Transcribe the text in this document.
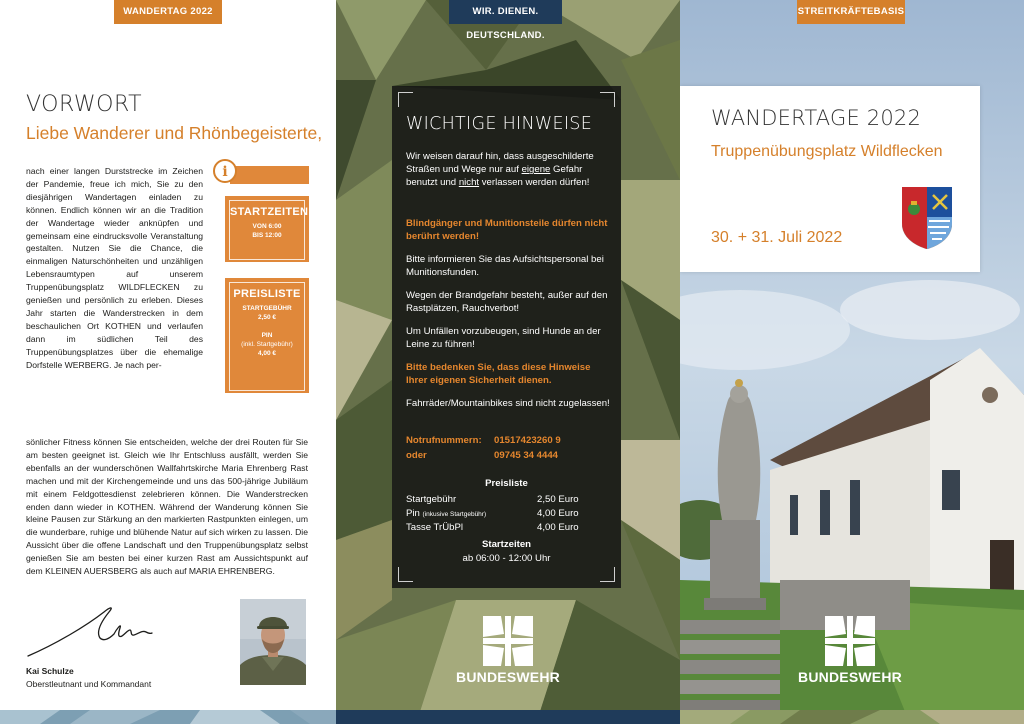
WANDERTAG 2022
VORWORT
Liebe Wanderer und Rhönbegeisterte,
nach einer langen Durststrecke im Zeichen der Pandemie, freue ich mich, Sie zu den diesjährigen Wandertagen einladen zu können. Endlich können wir an die Tradition der Wandertage wieder anknüpfen und gemeinsam eine eindrucksvolle Veranstaltung gestalten. Nutzen Sie die Chance, die einmaligen Naturschönheiten und unzähligen Lebensraumtypen auf unserem Truppenübungsplatz WILDFLECKEN zu genießen und persönlich zu erleben. Dieses Jahr starten die Wanderstrecken in dem beschaulichen Ort KOTHEN und verlaufen dann im südlichen Teil des Truppenübungsplatzes über die ehemalige Dorfstelle WERBERG. Je nach per-
sönlicher Fitness können Sie entscheiden, welche der drei Routen für Sie am besten geeignet ist. Gleich wie Ihr Entschluss ausfällt, werden Sie ebenfalls an der wunderschönen Wallfahrtskirche Maria Ehrenberg Rast machen und mit der Kirchengemeinde und uns das 500-jährige Jubiläum mit einem Feldgottesdienst zelebrieren können. Die Wanderstrecken enden dann wieder in KOTHEN. Während der Wanderung können Sie kleine Pausen zur Stärkung an den markierten Rastpunkten einlegen, um die wunderbare, ruhige und blühende Natur auf sich wirken zu lassen. Die Aussicht über die offene Landschaft und den Truppenübungsplatz selbst genießen Sie am besten bei einer kurzen Rast am Aussichtspunkt auf dem KLEINEN AUERSBERG als auch auf MARIA EHRENBERG.
i
STARTZEITEN
VON 6:00
BIS 12:00
PREISLISTE
STARTGEBÜHR
2,50 €
PIN
(inkl. Startgebühr)
4,00 €
Kai Schulze
Oberstleutnant und Kommandant
WIR. DIENEN. DEUTSCHLAND.
WICHTIGE HINWEISE
Wir weisen darauf hin, dass ausgeschilderte Straßen und Wege nur auf eigene Gefahr benutzt und nicht verlassen werden dürfen!
Blindgänger und Munitionsteile dürfen nicht berührt werden!
Bitte informieren Sie das Aufsichtspersonal bei Munitionsfunden.
Wegen der Brandgefahr besteht, außer auf den Rastplätzen, Rauchverbot!
Um Unfällen vorzubeugen, sind Hunde an der Leine zu führen!
Bitte bedenken Sie, dass diese Hinweise Ihrer eigenen Sicherheit dienen.
Fahrräder/Mountainbikes sind nicht zugelassen!
Notrufnummern: 01517423260 9
oder	09745 34 4444
Preisliste
Startgebühr	2,50 Euro
Pin (inkusive Startgebühr)	4,00 Euro
Tasse TrÜbPl	4,00 Euro
Startzeiten
ab 06:00 - 12:00 Uhr
BUNDESWEHR
STREITKRÄFTEBASIS
WANDERTAGE 2022
Truppenübungsplatz Wildflecken
30. + 31. Juli 2022
BUNDESWEHR
